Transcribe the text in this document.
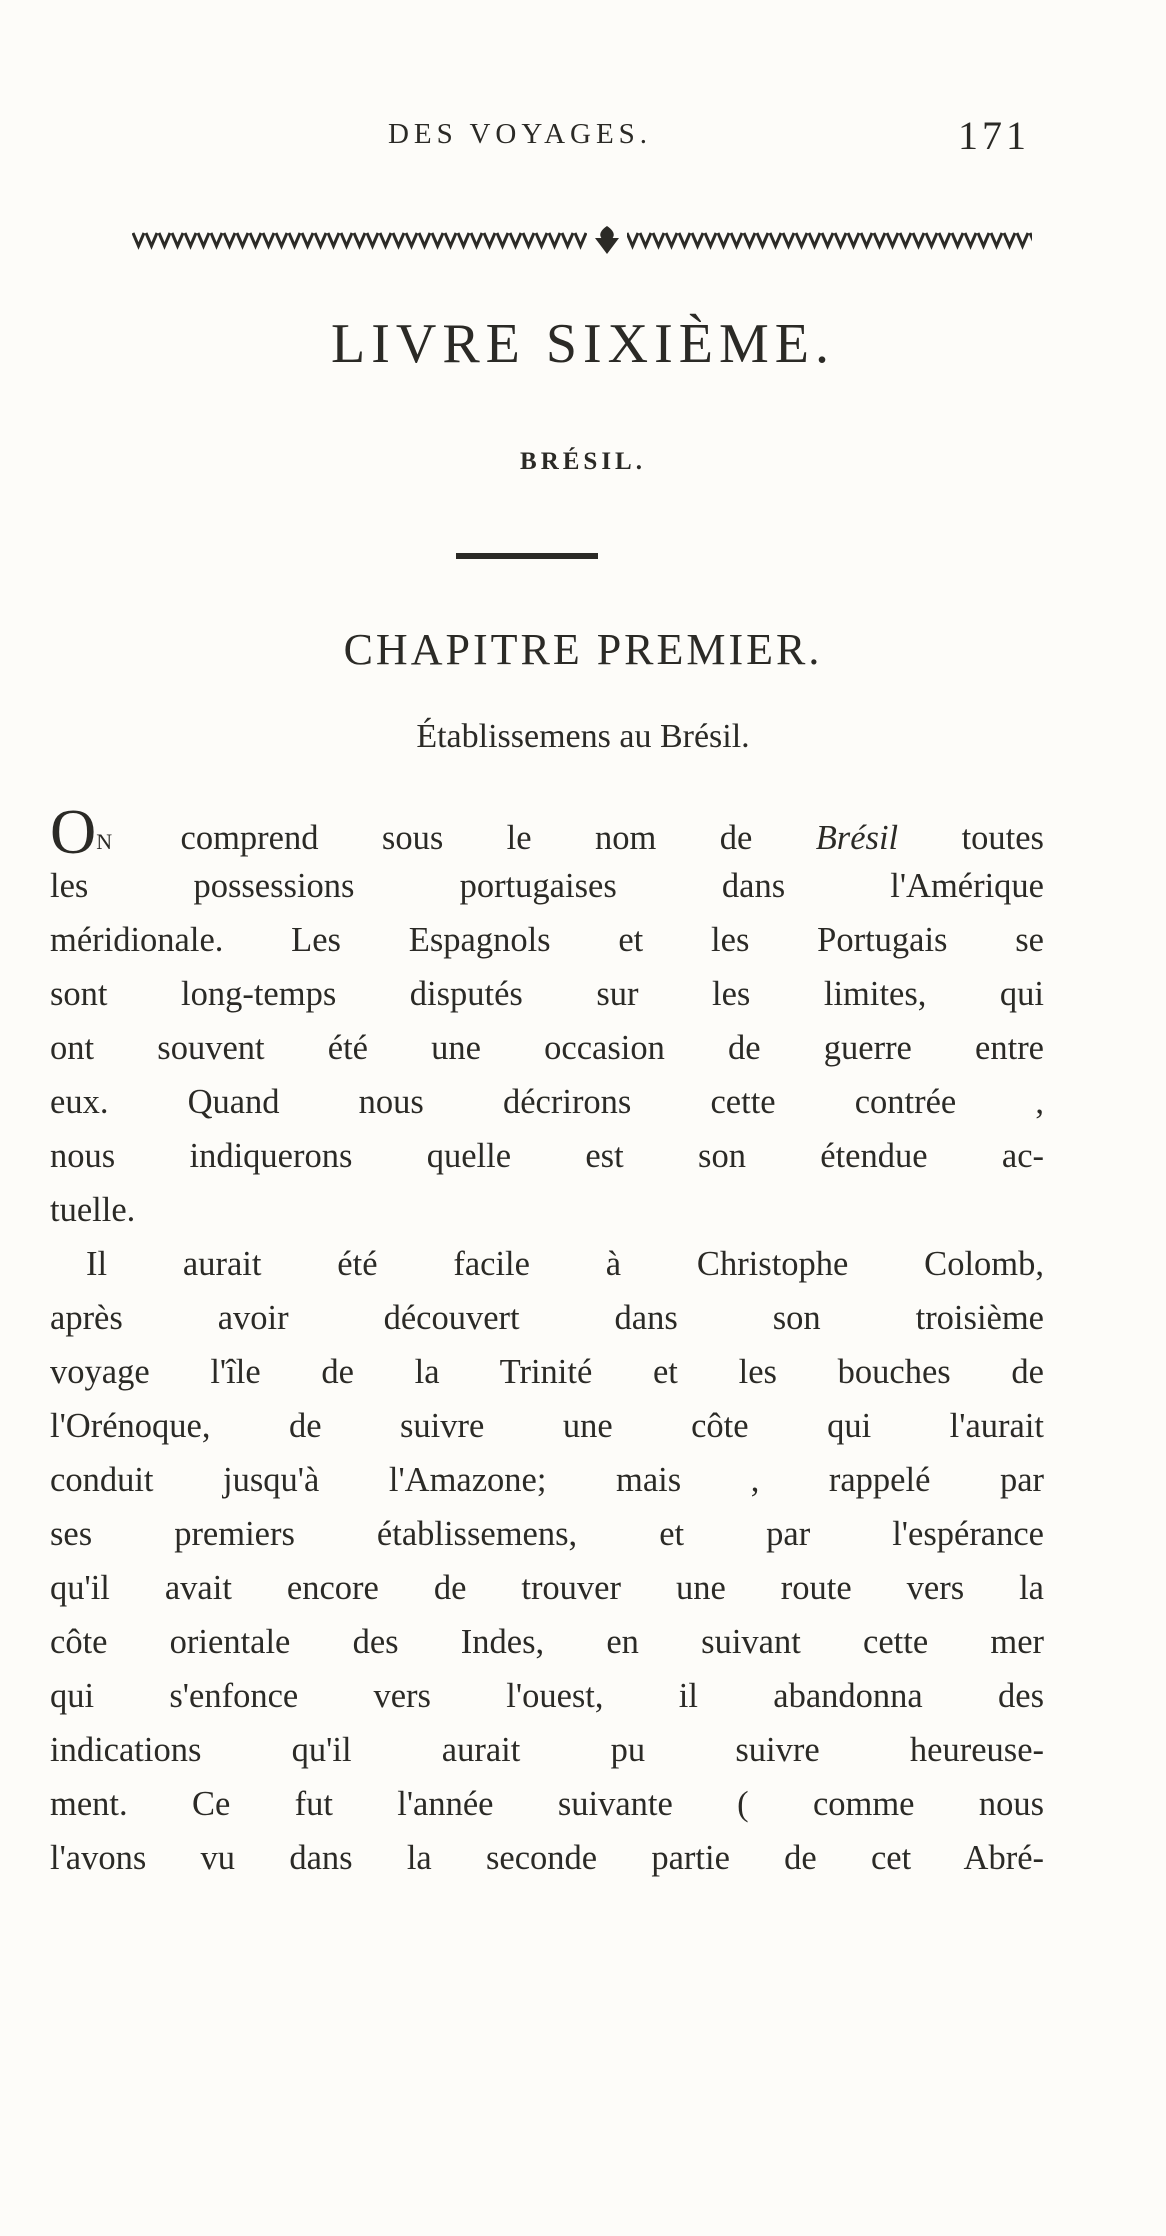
DES VOYAGES.	171
LIVRE SIXIÈME.
BRÉSIL.
CHAPITRE PREMIER.
Établissemens au Brésil.
ON comprend sous le nom de Brésil toutes
les possessions portugaises dans l'Amérique
méridionale. Les Espagnols et les Portugais se
sont long-temps disputés sur les limites, qui
ont souvent été une occasion de guerre entre
eux. Quand nous décrirons cette contrée ,
nous indiquerons quelle est son étendue ac-
tuelle.
Il aurait été facile à Christophe Colomb,
après avoir découvert dans son troisième
voyage l'île de la Trinité et les bouches de
l'Orénoque, de suivre une côte qui l'aurait
conduit jusqu'à l'Amazone; mais , rappelé par
ses premiers établissemens, et par l'espérance
qu'il avait encore de trouver une route vers la
côte orientale des Indes, en suivant cette mer
qui s'enfonce vers l'ouest, il abandonna des
indications qu'il aurait pu suivre heureuse-
ment. Ce fut l'année suivante ( comme nous
l'avons vu dans la seconde partie de cet Abré-
